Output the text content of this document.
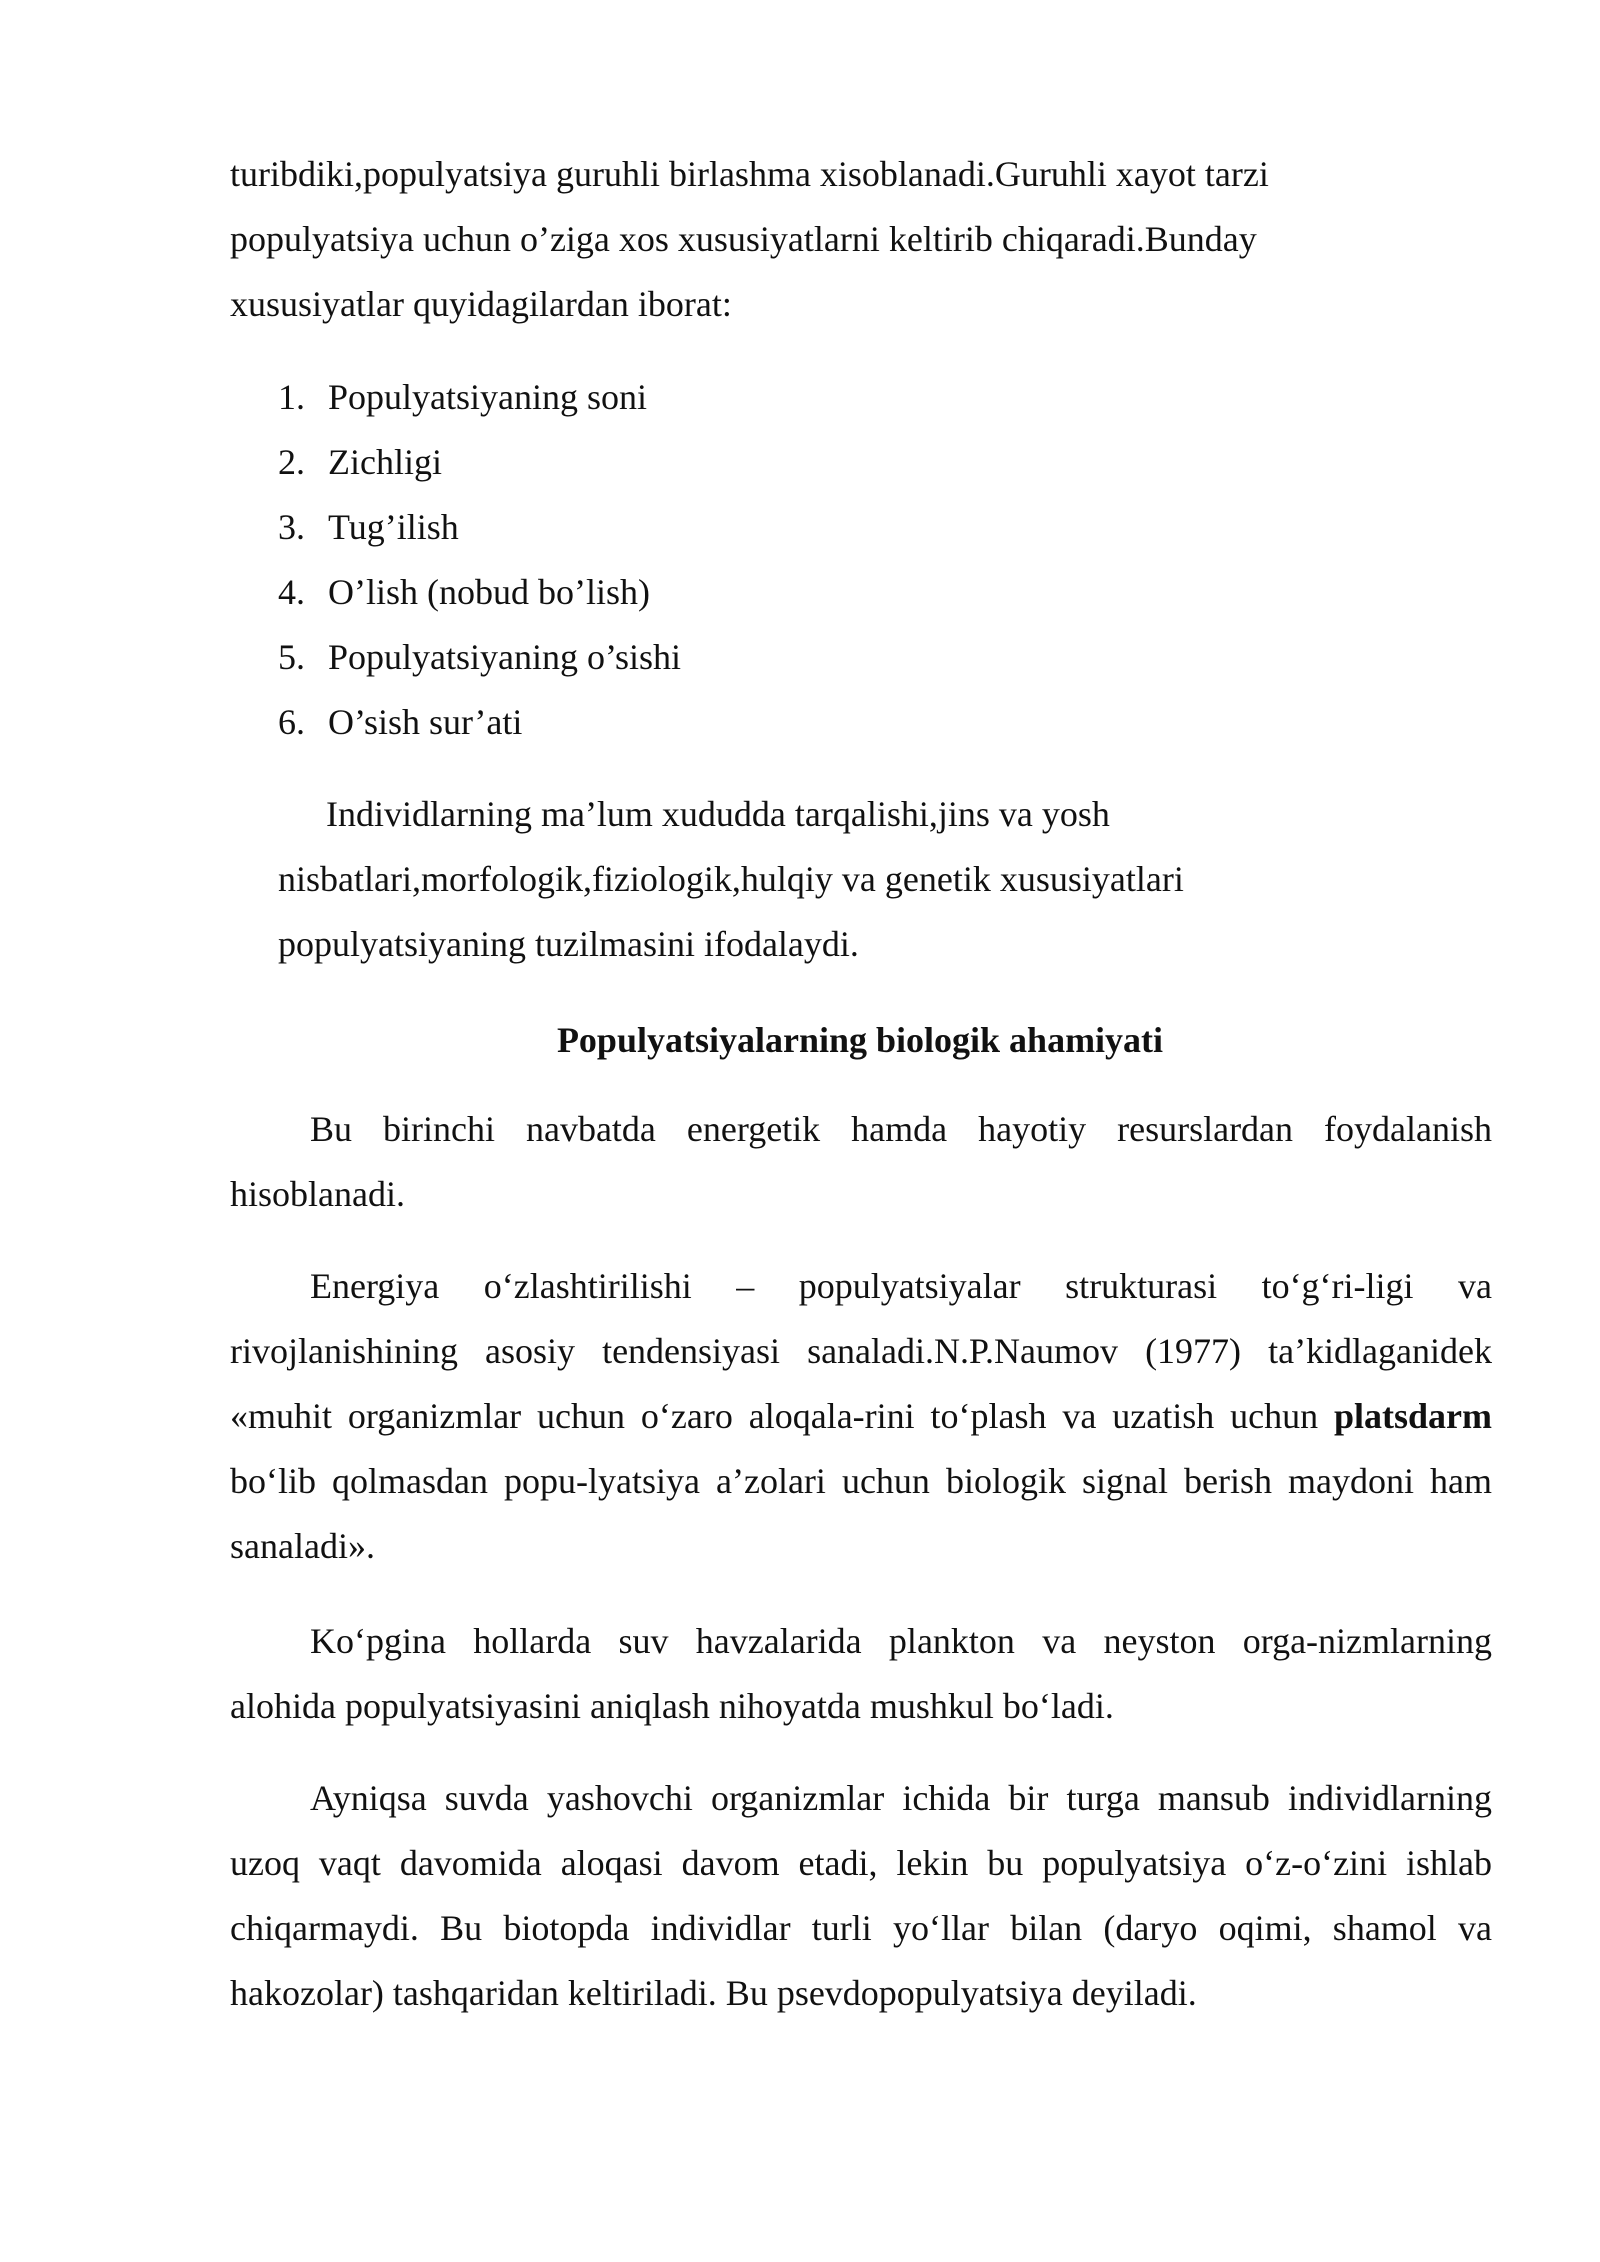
turibdiki,populyatsiya guruhli birlashma xisoblanadi.Guruhli xayot tarzi
populyatsiya uchun o’ziga xos xususiyatlarni keltirib chiqaradi.Bunday
xususiyatlar quyidagilardan iborat:
1. Populyatsiyaning soni
2. Zichligi
3. Tug’ilish
4. O’lish (nobud bo’lish)
5. Populyatsiyaning o’sishi
6. O’sish sur’ati
Individlarning ma’lum xududda tarqalishi,jins va yosh
nisbatlari,morfologik,fiziologik,hulqiy va genetik xususiyatlari
populyatsiyaning tuzilmasini ifodalaydi.
Populyatsiyalarning biologik ahamiyati
Bu birinchi navbatda energetik hamda hayotiy resurslardan foydalanish
hisoblanadi.
Energiya o‘zlashtirilishi – populyatsiyalar strukturasi to‘g‘ri-ligi va
rivojlanishining asosiy tendensiyasi sanaladi.N.P.Naumov (1977) ta’kidlaganidek
«muhit organizmlar uchun o‘zaro aloqala-rini to‘plash va uzatish uchun platsdarm
bo‘lib qolmasdan popu-lyatsiya a’zolari uchun biologik signal berish maydoni ham
sanaladi».
Ko‘pgina hollarda suv havzalarida plankton va neyston orga-nizmlarning
alohida populyatsiyasini aniqlash nihoyatda mushkul bo‘ladi.
Ayniqsa suvda yashovchi organizmlar ichida bir turga mansub individlarning
uzoq vaqt davomida aloqasi davom etadi, lekin bu populyatsiya o‘z-o‘zini ishlab
chiqarmaydi. Bu biotopda individlar turli yo‘llar bilan (daryo oqimi, shamol va
hakozolar) tashqaridan keltiriladi. Bu psevdopopulyatsiya deyiladi.
